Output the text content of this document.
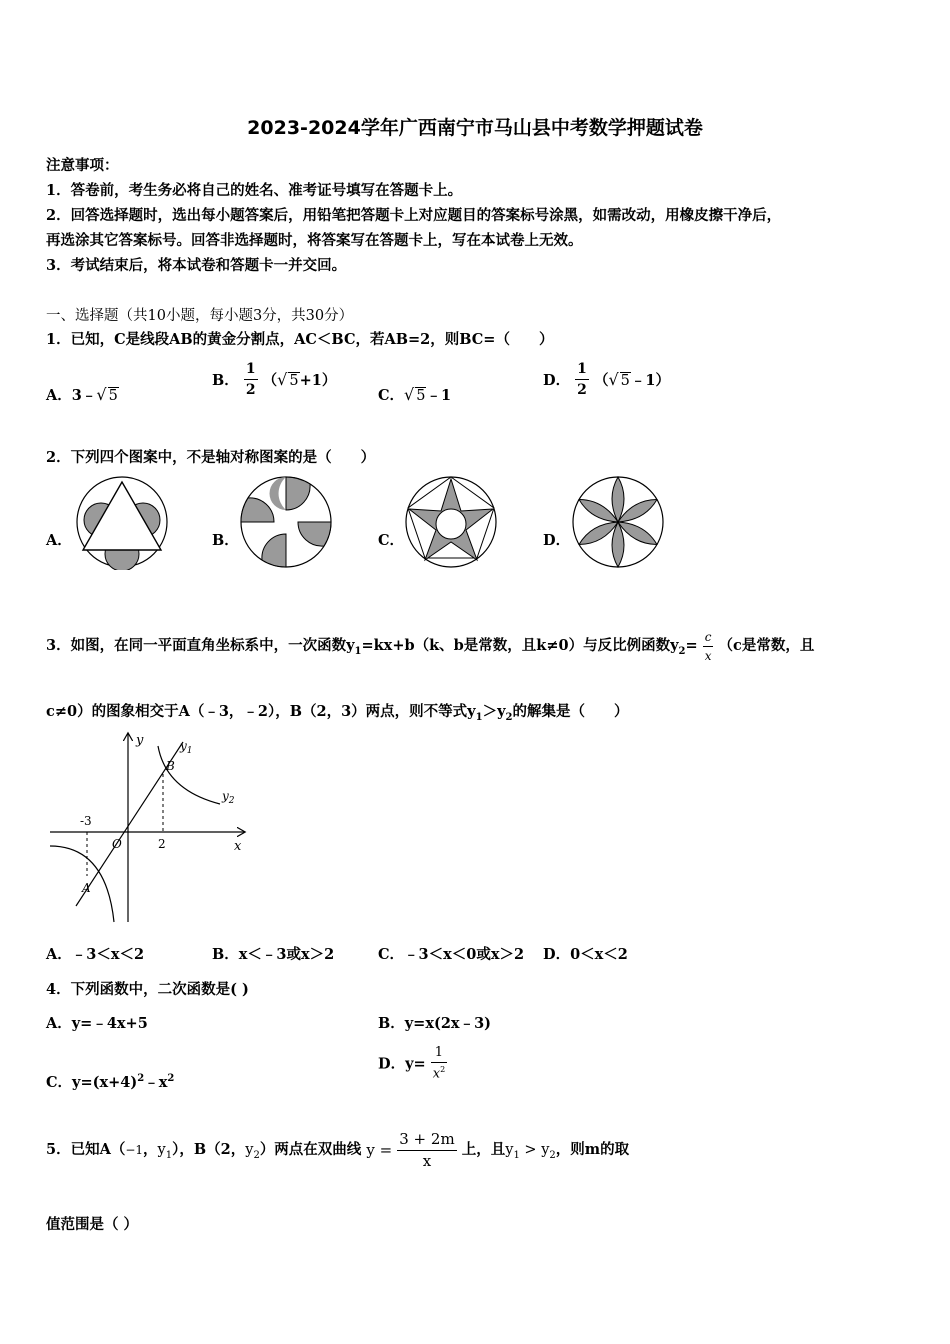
2023-2024学年广西南宁市马山县中考数学押题试卷
注意事项：
1．答卷前，考生务必将自己的姓名、准考证号填写在答题卡上。
2．回答选择题时，选出每小题答案后，用铅笔把答题卡上对应题目的答案标号涂黑，如需改动，用橡皮擦干净后，
再选涂其它答案标号。回答非选择题时，将答案写在答题卡上，写在本试卷上无效。
3．考试结束后，将本试卷和答题卡一并交回。
一、选择题（共10小题，每小题3分，共30分）
1．已知，C是线段AB的黄金分割点，AC＜BC，若AB=2，则BC=（　　）
A．3﹣√ 5
B． $\frac{1}{2}$ （√ 5+1）
C．√ 5﹣1
D． $\frac{1}{2}$ （√ 5﹣1）
2．下列四个图案中，不是轴对称图案的是（　　）
A．	B．	C．	D．
3．如图，在同一平面直角坐标系中，一次函数$y_1=kx+b(k$、b是常数，且k≠0）与反比例函数$y_2= \frac{c}{x} (c$是常数，且
c≠0）的图象相交于A（﹣3，﹣2），B（2，3）两点，则不等式$y_1>y_2$的解集是（　　）
y
x
O
-3
2
A
B
$y_1$
$y_2$
A．﹣3＜x＜2	B．x＜﹣3或x＞2	C．﹣3＜x＜0或x＞2 D．0＜x＜2
4．下列函数中，二次函数是( )
A．y=﹣4x+5	B．y=x(2x﹣3)
C．$y=(x+4)^2﹣x^2$
D．$y= \frac{1}{x^2}$
5．已知A（−1，$y_1$），B（2，$y_2$）两点在双曲线 $y = \frac{3 + 2m}{x}$ 上，且$y_1 > y_2$，则m的取
值范围是（ ）
